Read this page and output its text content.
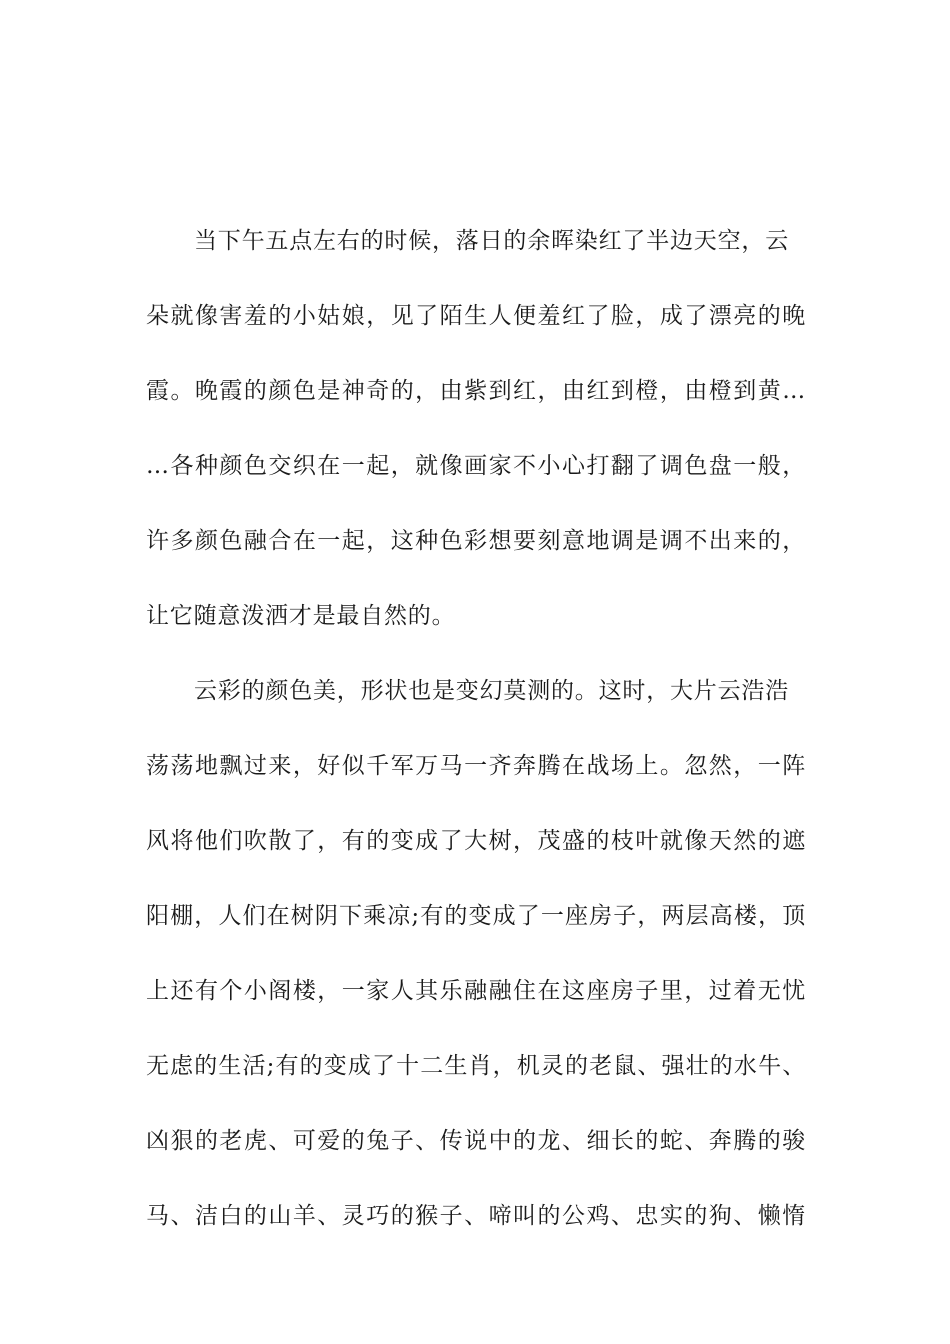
当下午五点左右的时候，落日的余晖染红了半边天空，云
朵就像害羞的小姑娘，见了陌生人便羞红了脸，成了漂亮的晚
霞。晚霞的颜色是神奇的，由紫到红，由红到橙，由橙到黄…
…各种颜色交织在一起，就像画家不小心打翻了调色盘一般，
许多颜色融合在一起，这种色彩想要刻意地调是调不出来的，
让它随意泼洒才是最自然的。
云彩的颜色美，形状也是变幻莫测的。这时，大片云浩浩
荡荡地飘过来，好似千军万马一齐奔腾在战场上。忽然，一阵
风将他们吹散了，有的变成了大树，茂盛的枝叶就像天然的遮
阳棚，人们在树阴下乘凉;有的变成了一座房子，两层高楼，顶
上还有个小阁楼，一家人其乐融融住在这座房子里，过着无忧
无虑的生活;有的变成了十二生肖，机灵的老鼠、强壮的水牛、
凶狠的老虎、可爱的兔子、传说中的龙、细长的蛇、奔腾的骏
马、洁白的山羊、灵巧的猴子、啼叫的公鸡、忠实的狗、懒惰
